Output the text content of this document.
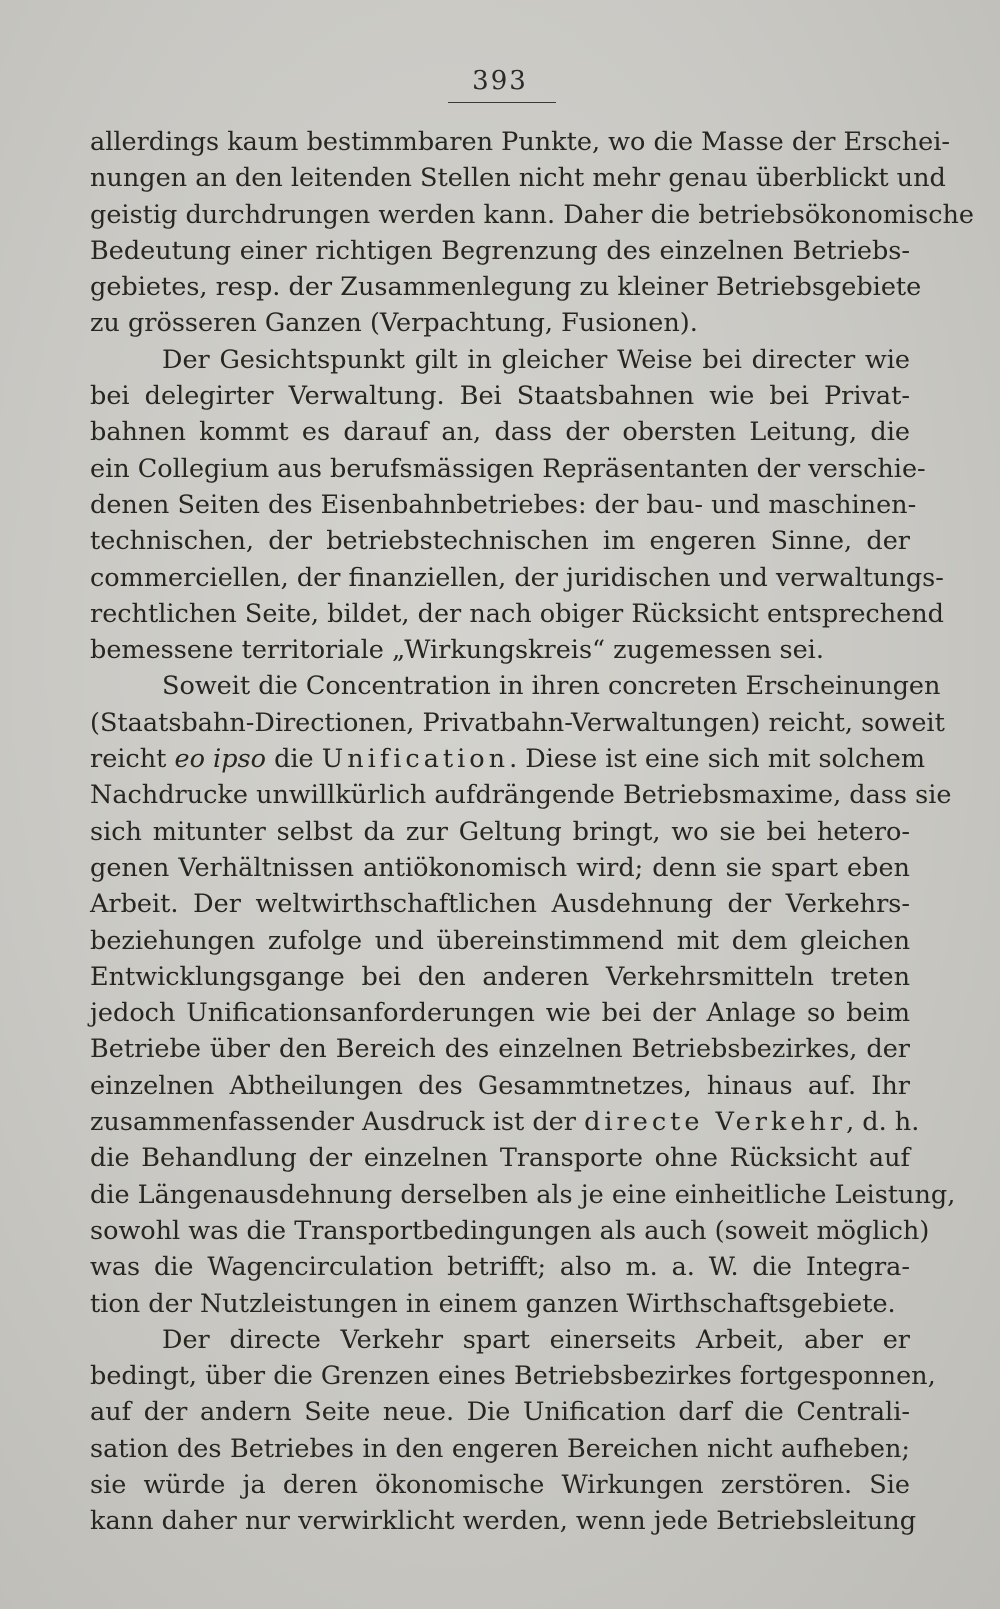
393
allerdings kaum bestimmbaren Punkte, wo die Masse der Erschei-
nungen an den leitenden Stellen nicht mehr genau überblickt und
geistig durchdrungen werden kann. Daher die betriebsökonomische
Bedeutung einer richtigen Begrenzung des einzelnen Betriebs-
gebietes, resp. der Zusammenlegung zu kleiner Betriebsgebiete
zu grösseren Ganzen (Verpachtung, Fusionen).
Der Gesichtspunkt gilt in gleicher Weise bei directer wie
bei delegirter Verwaltung. Bei Staatsbahnen wie bei Privat-
bahnen kommt es darauf an, dass der obersten Leitung, die
ein Collegium aus berufsmässigen Repräsentanten der verschie-
denen Seiten des Eisenbahnbetriebes: der bau- und maschinen-
technischen, der betriebstechnischen im engeren Sinne, der
commerciellen, der finanziellen, der juridischen und verwaltungs-
rechtlichen Seite, bildet, der nach obiger Rücksicht entsprechend
bemessene territoriale „Wirkungskreis“ zugemessen sei.
Soweit die Concentration in ihren concreten Erscheinungen
(Staatsbahn-Directionen, Privatbahn-Verwaltungen) reicht, soweit
reicht eo ipso die Unification. Diese ist eine sich mit solchem
Nachdrucke unwillkürlich aufdrängende Betriebsmaxime, dass sie
sich mitunter selbst da zur Geltung bringt, wo sie bei hetero-
genen Verhältnissen antiökonomisch wird; denn sie spart eben
Arbeit. Der weltwirthschaftlichen Ausdehnung der Verkehrs-
beziehungen zufolge und übereinstimmend mit dem gleichen
Entwicklungsgange bei den anderen Verkehrsmitteln treten
jedoch Unificationsanforderungen wie bei der Anlage so beim
Betriebe über den Bereich des einzelnen Betriebsbezirkes, der
einzelnen Abtheilungen des Gesammtnetzes, hinaus auf. Ihr
zusammenfassender Ausdruck ist der directe Verkehr, d. h.
die Behandlung der einzelnen Transporte ohne Rücksicht auf
die Längenausdehnung derselben als je eine einheitliche Leistung,
sowohl was die Transportbedingungen als auch (soweit möglich)
was die Wagencirculation betrifft; also m. a. W. die Integra-
tion der Nutzleistungen in einem ganzen Wirthschaftsgebiete.
Der directe Verkehr spart einerseits Arbeit, aber er
bedingt, über die Grenzen eines Betriebsbezirkes fortgesponnen,
auf der andern Seite neue. Die Unification darf die Centrali-
sation des Betriebes in den engeren Bereichen nicht aufheben;
sie würde ja deren ökonomische Wirkungen zerstören. Sie
kann daher nur verwirklicht werden, wenn jede Betriebsleitung
